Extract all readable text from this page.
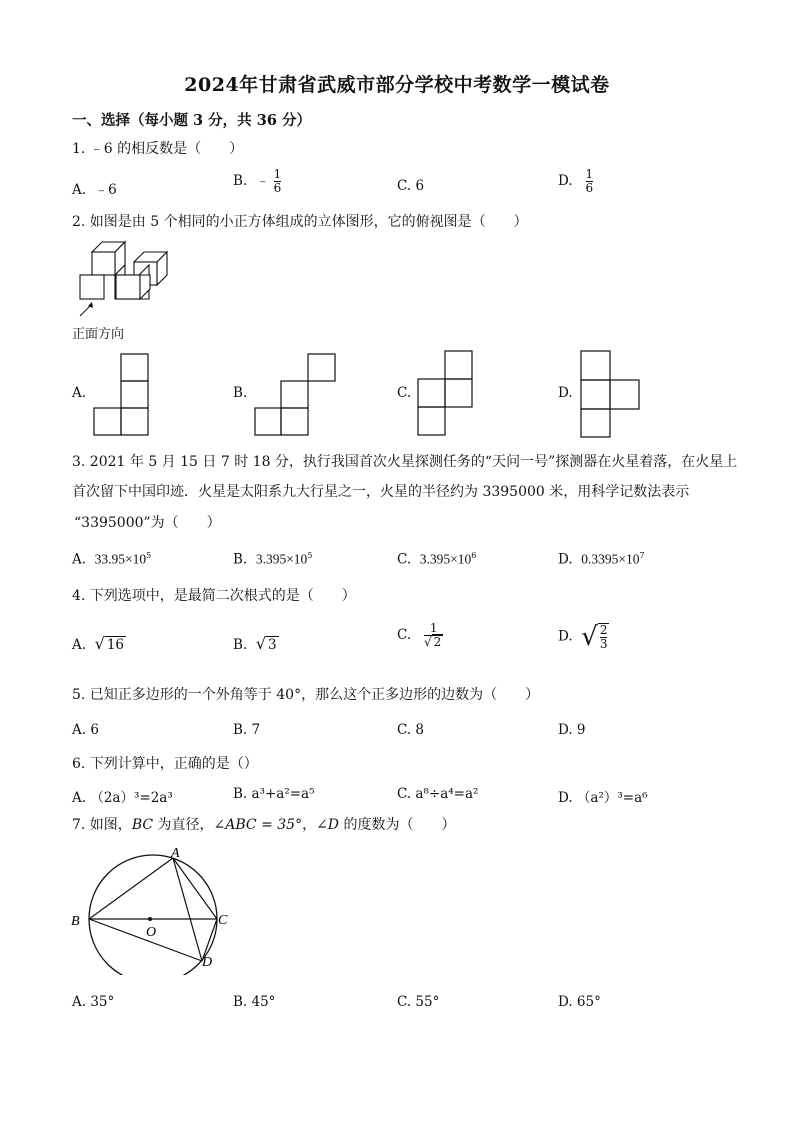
2024年甘肃省武威市部分学校中考数学一模试卷
一、选择（每小题 3 分，共 36 分）
1. ﹣6 的相反数是（　　）
A. ﹣6
B. ﹣ $\frac{1}{6}$	C. 6	D. $\frac{1}{6}$
2. 如图是由 5 个相同的小正方体组成的立体图形，它的俯视图是（　　）
正面方向
A.	B.	C.	D.
3. 2021 年 5 月 15 日 7 时 18 分，执行我国首次火星探测任务的“天问一号”探测器在火星着落，在火星上
首次留下中国印迹．火星是太阳系九大行星之一，火星的半径约为 3395000 米，用科学记数法表示
“3395000”为（　　）
A. $33.95\times 10^5$	B. $3.395\times 10^5$	C. $3.395\times 10^6$	D. $0.3395\times 10^7$
4. 下列选项中，是最简二次根式的是（　　）
A. √ 16	B. √ 3
C. $\frac{1}{√ 2}$	D. √ $\frac{2}{3}$
5. 已知正多边形的一个外角等于 40°，那么这个正多边形的边数为（　　）
A. 6	B. 7	C. 8	D. 9
6. 下列计算中，正确的是（）
A. （2a）³=2a³	B. a³+a²=a⁵	C. a⁸÷a⁴=a²	D. （a²）³=a⁶
7. 如图，BC 为直径，∠ABC = 35°，∠D 的度数为（　　）
A
B	C
D
O
A. 35°	B. 45°	C. 55°	D. 65°
